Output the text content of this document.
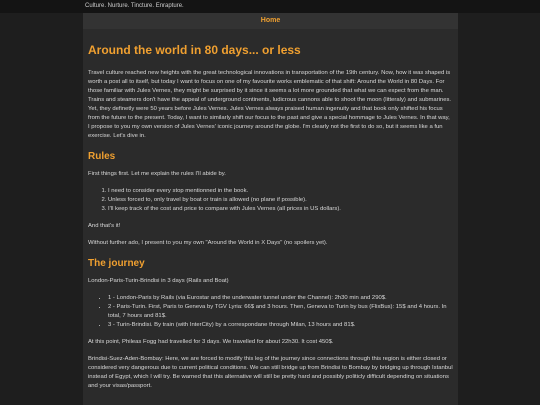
Culture. Nurture. Tincture. Enrapture.
Home
Around the world in 80 days... or less

Travel culture reached new heights with the great technological innovations in transportation of the 19th century. Now, how it was shaped is worth a post all to itself, but today I want to focus on one of my favourite works emblematic of that shift: Around the World in 80 Days. For those familiar with Jules Vernes, they might be surprised by it since it seems a lot more grounded that what we can expect from the man. Trains and steamers don't have the appeal of underground continents, ludicrous cannons able to shoot the moon (litteraly) and submarines. Yet, they definetly were 50 years before Jules Vernes. Jules Vernes always praised human ingenuity and that book only shifted his focus from the future to the present. Today, I want to similarly shift our focus to the past and give a special hommage to Jules Vernes. In that way, I propose to you my own version of Jules Vernes' iconic journey around the globe. I'm clearly not the first to do so, but it seems like a fun exercise. Let's dive in.

Rules

First things first. Let me explain the rules I'll abide by.

1. I need to consider every stop mentionned in the book.
2. Unless forced to, only travel by boat or train is allowed (no plane if possible).
3. I'll keep track of the cost and price to compare with Jules Vernes (all prices in US dollars).

And that's it!

Without further ado, I present to you my own "Around the World in X Days" (no spoilers yet).

The journey

London-Paris-Turin-Brindisi in 3 days (Rails and Boat)

• 1 - London-Paris by Rails (via Eurostar and the underwater tunnel under the Channel): 2h30 min and 290$.
• 2 - Paris-Turin. First, Paris to Geneva by TGV Lyria: 66$ and 3 hours. Then, Geneva to Turin by bus (FlixBus): 15$ and 4 hours. In total, 7 hours and 81$.
• 3 - Turin-Brindisi. By train (with InterCity) by a correspondane through Milan, 13 hours and 81$.

At this point, Phileas Fogg had travelled for 3 days. We travelled for about 22h30. It cost 450$.

Brindisi-Suez-Aden-Bombay: Here, we are forced to modify this leg of the journey since connections through this region is either closed or considered very dangerous due to current political conditions. We can still bridge up from Brindisi to Bombay by bridging up through Istanbul instead of Egypt, which I will try. Be warned that this alternative will still be pretty hard and possibly politicly difficult depending on situations and your visas/passport.
